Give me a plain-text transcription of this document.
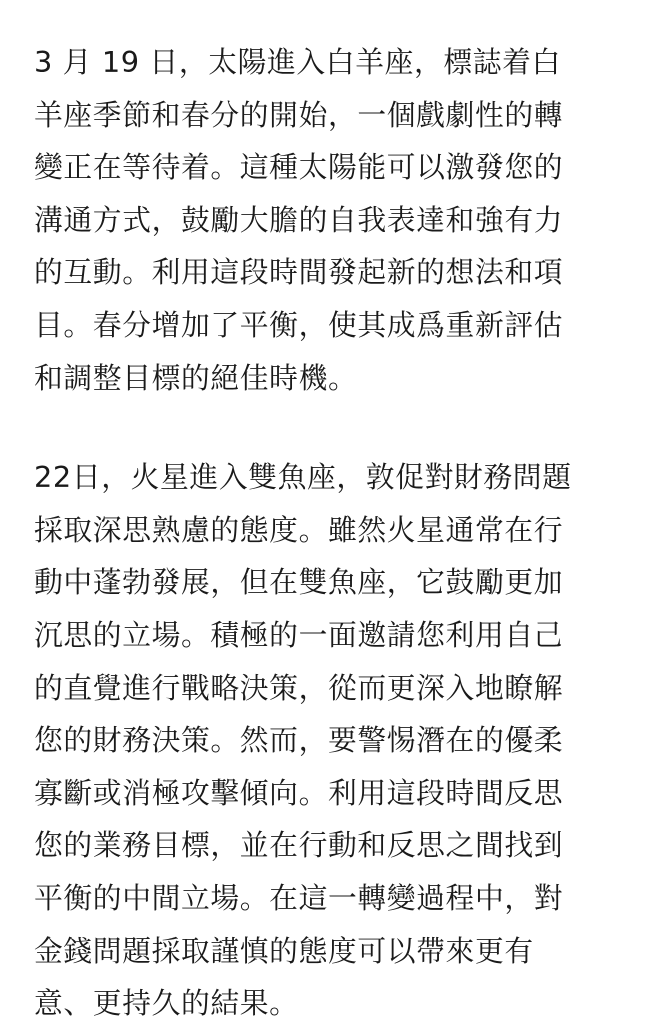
3 月 19 日，太陽進入白羊座，標誌着白
羊座季節和春分的開始，一個戲劇性的轉
變正在等待着。這種太陽能可以激發您的
溝通方式，鼓勵大膽的自我表達和強有力
的互動。利用這段時間發起新的想法和項
目。春分增加了平衡，使其成爲重新評估
和調整目標的絕佳時機。

22日，火星進入雙魚座，敦促對財務問題
採取深思熟慮的態度。雖然火星通常在行
動中蓬勃發展，但在雙魚座，它鼓勵更加
沉思的立場。積極的一面邀請您利用自己
的直覺進行戰略決策，從而更深入地瞭解
您的財務決策。然而，要警惕潛在的優柔
寡斷或消極攻擊傾向。利用這段時間反思
您的業務目標，並在行動和反思之間找到
平衡的中間立場。在這一轉變過程中，對
金錢問題採取謹慎的態度可以帶來更有
意、更持久的結果。
